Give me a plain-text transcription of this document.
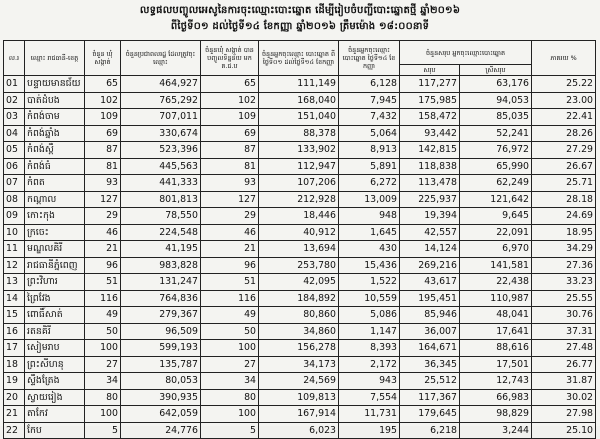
លទ្ធផលបញ្ចូលអេសូនៃការចុះឈ្មោះបោះឆ្នោត ដើម្បីរៀបចំបញ្ជីបោះឆ្នោតថ្មី ឆ្នាំ២០១៦
ពីថ្ងៃទី០១ ដល់ថ្ងៃទី១៤ ខែកញ្ញា ឆ្នាំ២០១៦ ត្រឹមម៉ោង ១៨:០០នាទី
ល.រ	ឈ្មោះ រាជធានី-ខេត្ត	ចំនួន ឃុំ សង្កាត់	ចំនួនប្រជាពលរដ្ឋ ដែលត្រូវចុះឈ្មោះ	ចំនួនឃុំ សង្កាត់ បានបញ្ចូលទិន្នន័យ មក គ.ជ.ប	ចំនួនអ្នកចុះឈ្មោះ បោះឆ្នោត ពីថ្ងៃទី០១ ដល់ថ្ងៃទី១៤ ខែកញ្ញា	ចំនួនអ្នកចុះឈ្មោះ បោះឆ្នោត ថ្ងៃទី១៤ ខែកញ្ញា	ចំនួនសរុប អ្នកចុះឈ្មោះបោះឆ្នោត		ភាគរយ %
							សរុប	ស្រីសរុប	
01	បន្ទាយមានជ័យ	65	464,927	65	111,149	6,128	117,277	63,176	25.22
02	បាត់ដំបង	102	765,292	102	168,040	7,945	175,985	94,053	23.00
03	កំពង់ចាម	109	707,011	109	151,040	7,432	158,472	85,035	22.41
04	កំពង់ឆ្នាំង	69	330,674	69	88,378	5,064	93,442	52,241	28.26
05	កំពង់ស្ពឺ	87	523,396	87	133,902	8,913	142,815	76,972	27.29
06	កំពង់ធំ	81	445,563	81	112,947	5,891	118,838	65,990	26.67
07	កំពត	93	441,333	93	107,206	6,272	113,478	62,249	25.71
08	កណ្ដាល	127	801,813	127	212,928	13,009	225,937	121,642	28.18
09	កោះកុង	29	78,550	29	18,446	948	19,394	9,645	24.69
10	ក្រចេះ	46	224,548	46	40,912	1,645	42,557	22,091	18.95
11	មណ្ឌលគិរី	21	41,195	21	13,694	430	14,124	6,970	34.29
12	រាជធានីភ្នំពេញ	96	983,828	96	253,780	15,436	269,216	141,581	27.36
13	ព្រះវិហារ	51	131,247	51	42,095	1,522	43,617	22,438	33.23
14	ព្រៃវែង	116	764,836	116	184,892	10,559	195,451	110,987	25.55
15	ពោធិ៍សាត់	49	279,367	49	80,860	5,086	85,946	48,041	30.76
16	រតនគិរី	50	96,509	50	34,860	1,147	36,007	17,641	37.31
17	សៀមរាប	100	599,193	100	156,278	8,393	164,671	88,616	27.48
18	ព្រះសីហនុ	27	135,787	27	34,173	2,172	36,345	17,501	26.77
19	ស្ទឹងត្រែង	34	80,053	34	24,569	943	25,512	12,743	31.87
20	ស្វាយរៀង	80	390,935	80	109,813	7,554	117,367	66,983	30.02
21	តាកែវ	100	642,059	100	167,914	11,731	179,645	98,829	27.98
22	កែប	5	24,776	5	6,023	195	6,218	3,244	25.10
